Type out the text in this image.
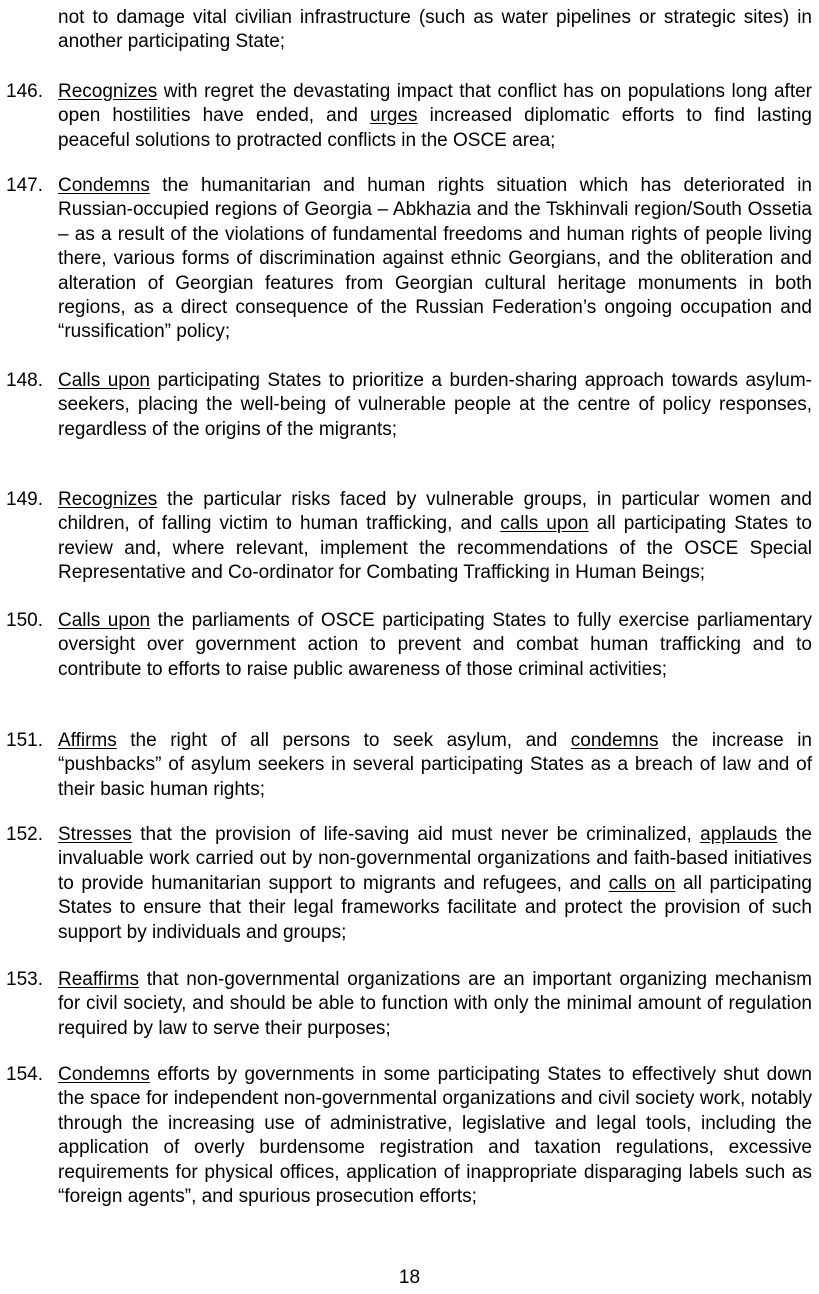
not to damage vital civilian infrastructure (such as water pipelines or strategic sites) in another participating State;
146. Recognizes with regret the devastating impact that conflict has on populations long after open hostilities have ended, and urges increased diplomatic efforts to find lasting peaceful solutions to protracted conflicts in the OSCE area;
147. Condemns the humanitarian and human rights situation which has deteriorated in Russian-occupied regions of Georgia – Abkhazia and the Tskhinvali region/South Ossetia – as a result of the violations of fundamental freedoms and human rights of people living there, various forms of discrimination against ethnic Georgians, and the obliteration and alteration of Georgian features from Georgian cultural heritage monuments in both regions, as a direct consequence of the Russian Federation’s ongoing occupation and “russification” policy;
148. Calls upon participating States to prioritize a burden-sharing approach towards asylum-seekers, placing the well-being of vulnerable people at the centre of policy responses, regardless of the origins of the migrants;
149. Recognizes the particular risks faced by vulnerable groups, in particular women and children, of falling victim to human trafficking, and calls upon all participating States to review and, where relevant, implement the recommendations of the OSCE Special Representative and Co-ordinator for Combating Trafficking in Human Beings;
150. Calls upon the parliaments of OSCE participating States to fully exercise parliamentary oversight over government action to prevent and combat human trafficking and to contribute to efforts to raise public awareness of those criminal activities;
151. Affirms the right of all persons to seek asylum, and condemns the increase in “pushbacks” of asylum seekers in several participating States as a breach of law and of their basic human rights;
152. Stresses that the provision of life-saving aid must never be criminalized, applauds the invaluable work carried out by non-governmental organizations and faith-based initiatives to provide humanitarian support to migrants and refugees, and calls on all participating States to ensure that their legal frameworks facilitate and protect the provision of such support by individuals and groups;
153. Reaffirms that non-governmental organizations are an important organizing mechanism for civil society, and should be able to function with only the minimal amount of regulation required by law to serve their purposes;
154. Condemns efforts by governments in some participating States to effectively shut down the space for independent non-governmental organizations and civil society work, notably through the increasing use of administrative, legislative and legal tools, including the application of overly burdensome registration and taxation regulations, excessive requirements for physical offices, application of inappropriate disparaging labels such as “foreign agents”, and spurious prosecution efforts;
18
